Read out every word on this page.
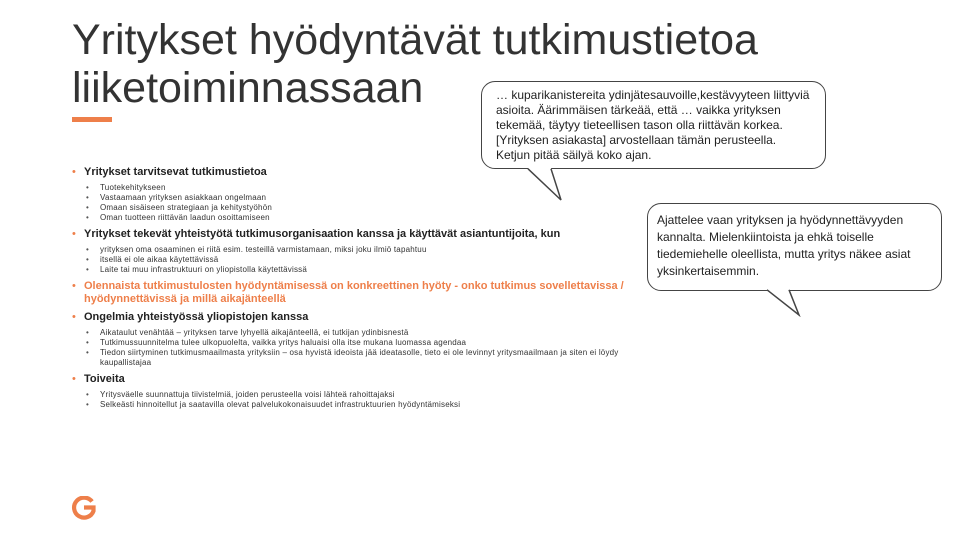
Yritykset hyödyntävät tutkimustietoa
liiketoiminnassaan
• Yritykset tarvitsevat tutkimustietoa
• Tuotekehitykseen
• Vastaamaan yrityksen asiakkaan ongelmaan
• Omaan sisäiseen strategiaan ja kehitystyöhön
• Oman tuotteen riittävän laadun osoittamiseen
• Yritykset tekevät yhteistyötä tutkimusorganisaation kanssa ja käyttävät asiantuntijoita, kun
• yrityksen oma osaaminen ei riitä esim. testeillä varmistamaan, miksi joku ilmiö tapahtuu
• itsellä ei ole aikaa käytettävissä
• Laite tai muu infrastruktuuri on yliopistolla käytettävissä
• Olennaista tutkimustulosten hyödyntämisessä on konkreettinen hyöty - onko tutkimus sovellettavissa / hyödynnettävissä ja millä aikajänteellä
• Ongelmia yhteistyössä yliopistojen kanssa
• Aikataulut venähtää – yrityksen tarve lyhyellä aikajänteellä, ei tutkijan ydinbisnestä
• Tutkimussuunnitelma tulee ulkopuolelta, vaikka yritys haluaisi olla itse mukana luomassa agendaa
• Tiedon siirtyminen tutkimusmaailmasta yrityksiin – osa hyvistä ideoista jää ideatasolle, tieto ei ole levinnyt yritysmaailmaan ja siten ei löydy kaupallistajaa
• Toiveita
• Yritysväelle suunnattuja tiivistelmiä, joiden perusteella voisi lähteä rahoittajaksi
• Selkeästi hinnoitellut ja saatavilla olevat palvelukokonaisuudet infrastruktuurien hyödyntämiseksi
… kuparikanistereita ydinjätesauvoille,kestävyyteen liittyviä
asioita. Äärimmäisen tärkeää, että … vaikka yrityksen
tekemää, täytyy tieteellisen tason olla riittävän korkea.
[Yrityksen asiakasta] arvostellaan tämän perusteella.
Ketjun pitää säilyä koko ajan.
Ajattelee vaan yrityksen ja hyödynnettävyyden
kannalta. Mielenkiintoista ja ehkä toiselle
tiedemiehelle oleellista, mutta yritys näkee asiat
yksinkertaisemmin.
